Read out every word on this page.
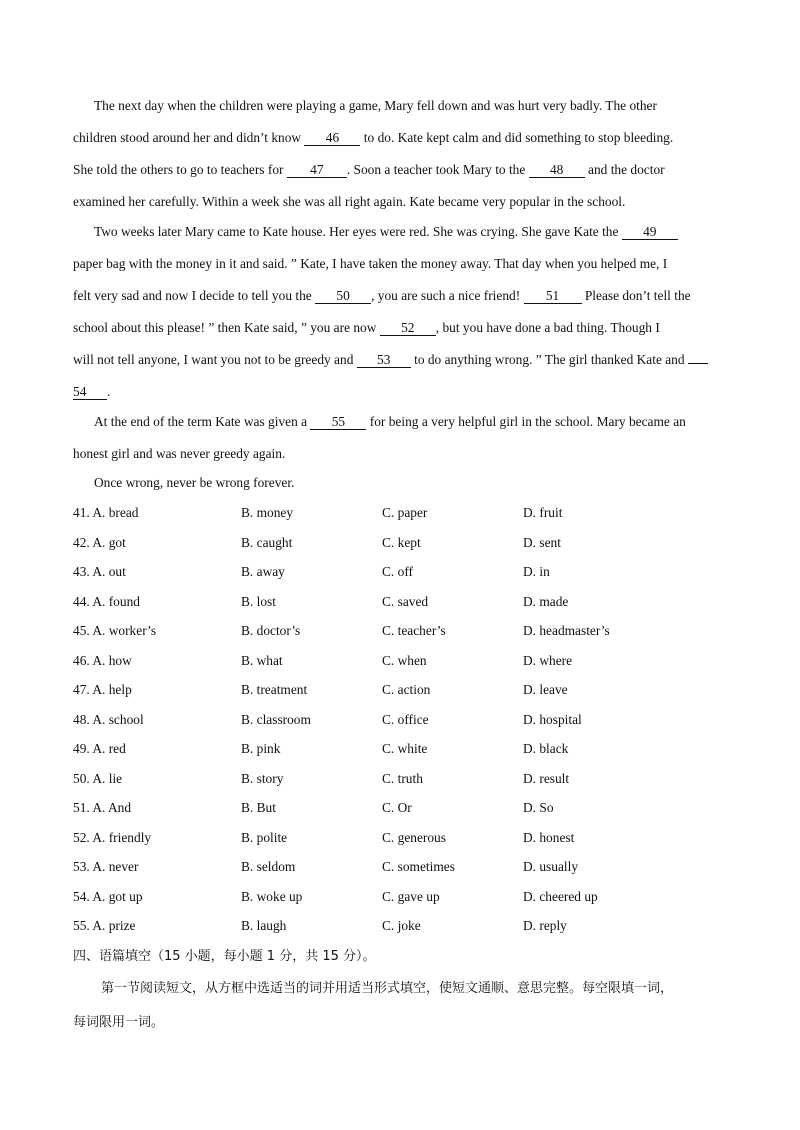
The next day when the children were playing a game, Mary fell down and was hurt very badly. The other
children stood around her and didn’t know 46 to do. Kate kept calm and did something to stop bleeding.
She told the others to go to teachers for 47 . Soon a teacher took Mary to the 48 and the doctor
examined her carefully. Within a week she was all right again. Kate became very popular in the school.
Two weeks later Mary came to Kate house. Her eyes were red. She was crying. She gave Kate the 49
paper bag with the money in it and said. ” Kate, I have taken the money away. That day when you helped me, I
felt very sad and now I decide to tell you the 50 , you are such a nice friend! 51 Please don’t tell the
school about this please! ” then Kate said, ” you are now 52 , but you have done a bad thing. Though I
will not tell anyone, I want you not to be greedy and 53 to do anything wrong. ” The girl thanked Kate and
54 .
At the end of the term Kate was given a 55 for being a very helpful girl in the school. Mary became an
honest girl and was never greedy again.
Once wrong, never be wrong forever.
41. A. bread	B. money	C. paper	D. fruit
42. A. got	B. caught	C. kept	D. sent
43. A. out	B. away	C. off	D. in
44. A. found	B. lost	C. saved	D. made
45. A. worker’s	B. doctor’s	C. teacher’s	D. headmaster’s
46. A. how	B. what	C. when	D. where
47. A. help	B. treatment	C. action	D. leave
48. A. school	B. classroom	C. office	D. hospital
49. A. red	B. pink	C. white	D. black
50. A. lie	B. story	C. truth	D. result
51. A. And	B. But	C. Or	D. So
52. A. friendly	B. polite	C. generous	D. honest
53. A. never	B. seldom	C. sometimes	D. usually
54. A. got up	B. woke up	C. gave up	D. cheered up
55. A. prize	B. laugh	C. joke	D. reply
四、语篇填空（15 小题，每小题 1 分，共 15 分）。
第一节阅读短文，从方框中选适当的词并用适当形式填空，使短文通顺、意思完整。每空限填一词，
每词限用一词。
